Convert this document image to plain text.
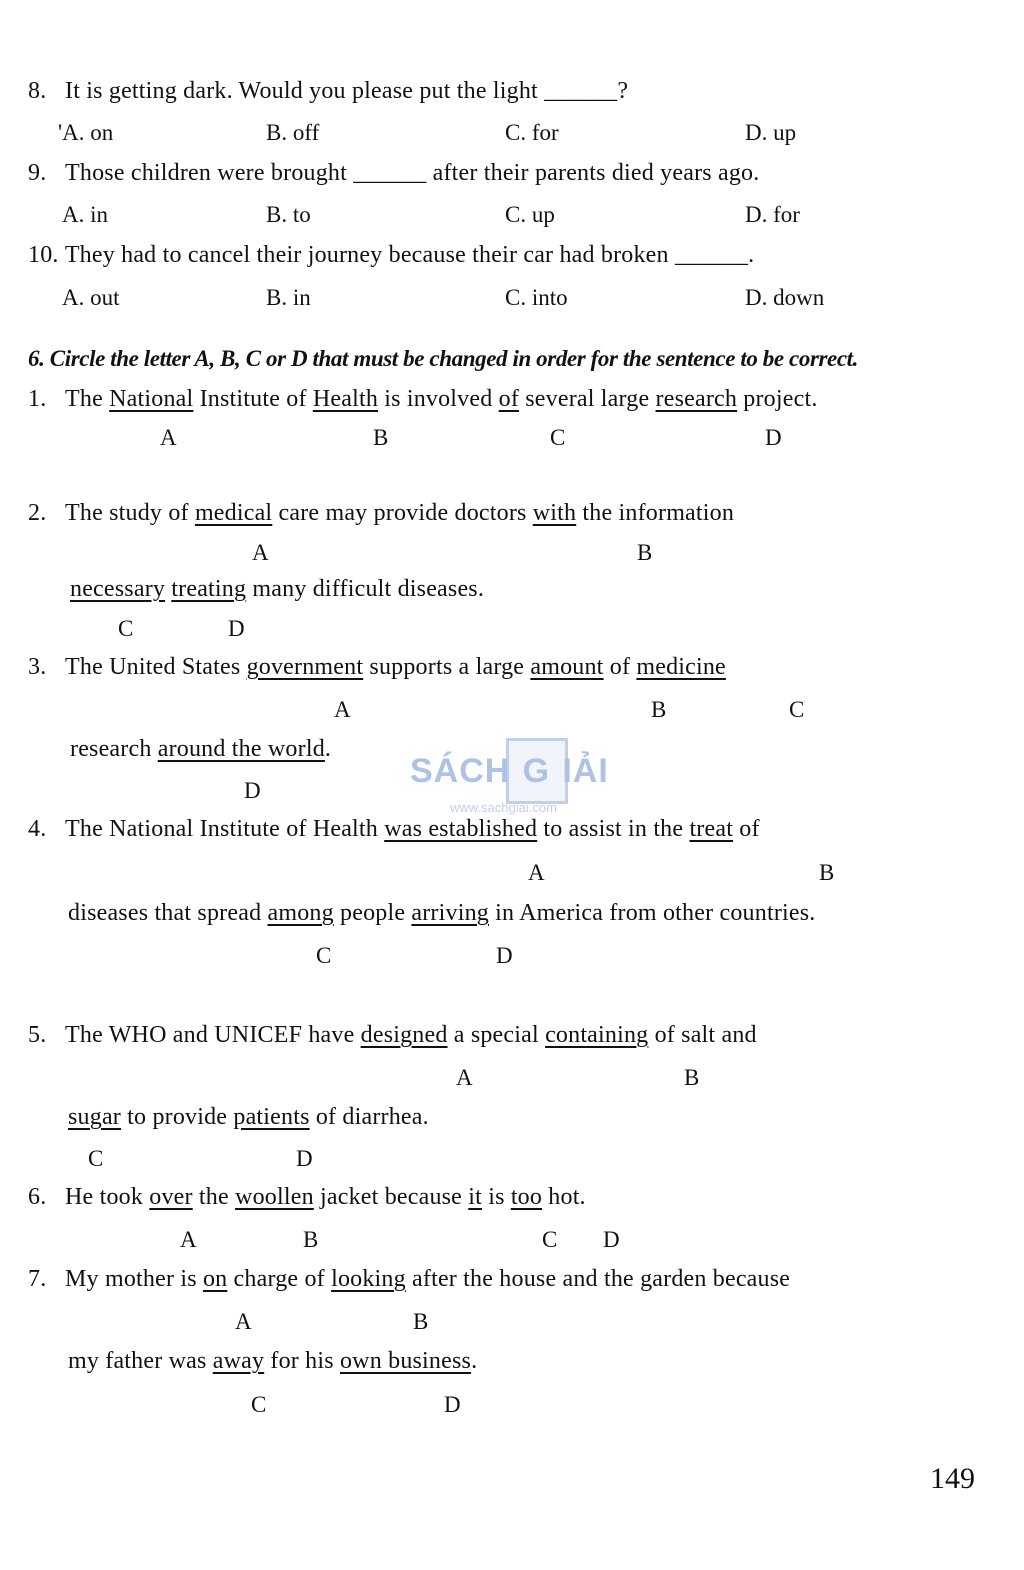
8. It is getting dark. Would you please put the light ______?
'A. on	B. off	C. for	D. up
9. Those children were brought ______ after their parents died years ago.
A. in	B. to	C. up	D. for
10. They had to cancel their journey because their car had broken ______.
A. out	B. in	C. into	D. down
6. Circle the letter A, B, C or D that must be changed in order for the sentence to be correct.
1. The National Institute of Health is involved of several large research project.
A	B	C	D
2. The study of medical care may provide doctors with the information
A	B
necessary treating many difficult diseases.
C	D
3. The United States government supports a large amount of medicine
A	B	C
research around the world.
D
SÁCH G IẢI
www.sachgiai.com
4. The National Institute of Health was established to assist in the treat of
A	B
diseases that spread among people arriving in America from other countries.
C	D
5. The WHO and UNICEF have designed a special containing of salt and
A	B
sugar to provide patients of diarrhea.
C	D
6. He took over the woollen jacket because it is too hot.
A	B	C D
7. My mother is on charge of looking after the house and the garden because
A	B
my father was away for his own business.
C	D
149
